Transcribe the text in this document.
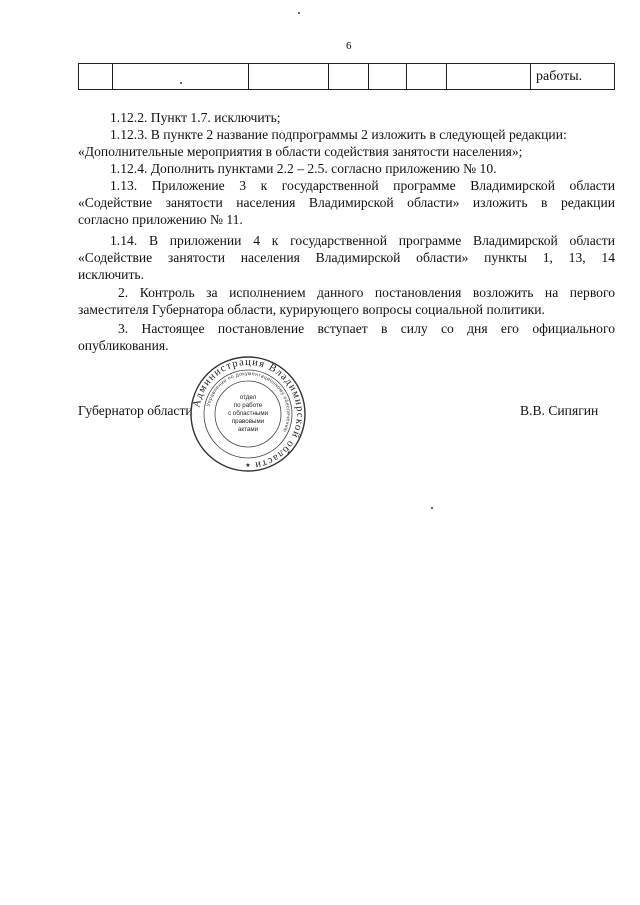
6
							работы.
1.12.2. Пункт 1.7. исключить;
1.12.3. В пункте 2 название подпрограммы 2 изложить в следующей редакции:
«Дополнительные мероприятия в области содействия занятости населения»;
1.12.4. Дополнить пунктами 2.2 – 2.5. согласно приложению № 10.
1.13. Приложение 3 к государственной программе Владимирской области
«Содействие занятости населения Владимирской области» изложить в редакции
согласно приложению № 11.
1.14. В приложении 4 к государственной программе Владимирской области
«Содействие занятости населения Владимирской области» пункты 1, 13, 14
исключить.
2. Контроль за исполнением данного постановления возложить на первого
заместителя Губернатора области, курирующего вопросы социальной политики.
3. Настоящее постановление вступает в силу со дня его официального
опубликования.
Губернатор области	В.В. Сипягин
Администрация Владимирской области
Управление по документационному обеспечению
отдел
по работе
с областными
правовыми
актами
★
